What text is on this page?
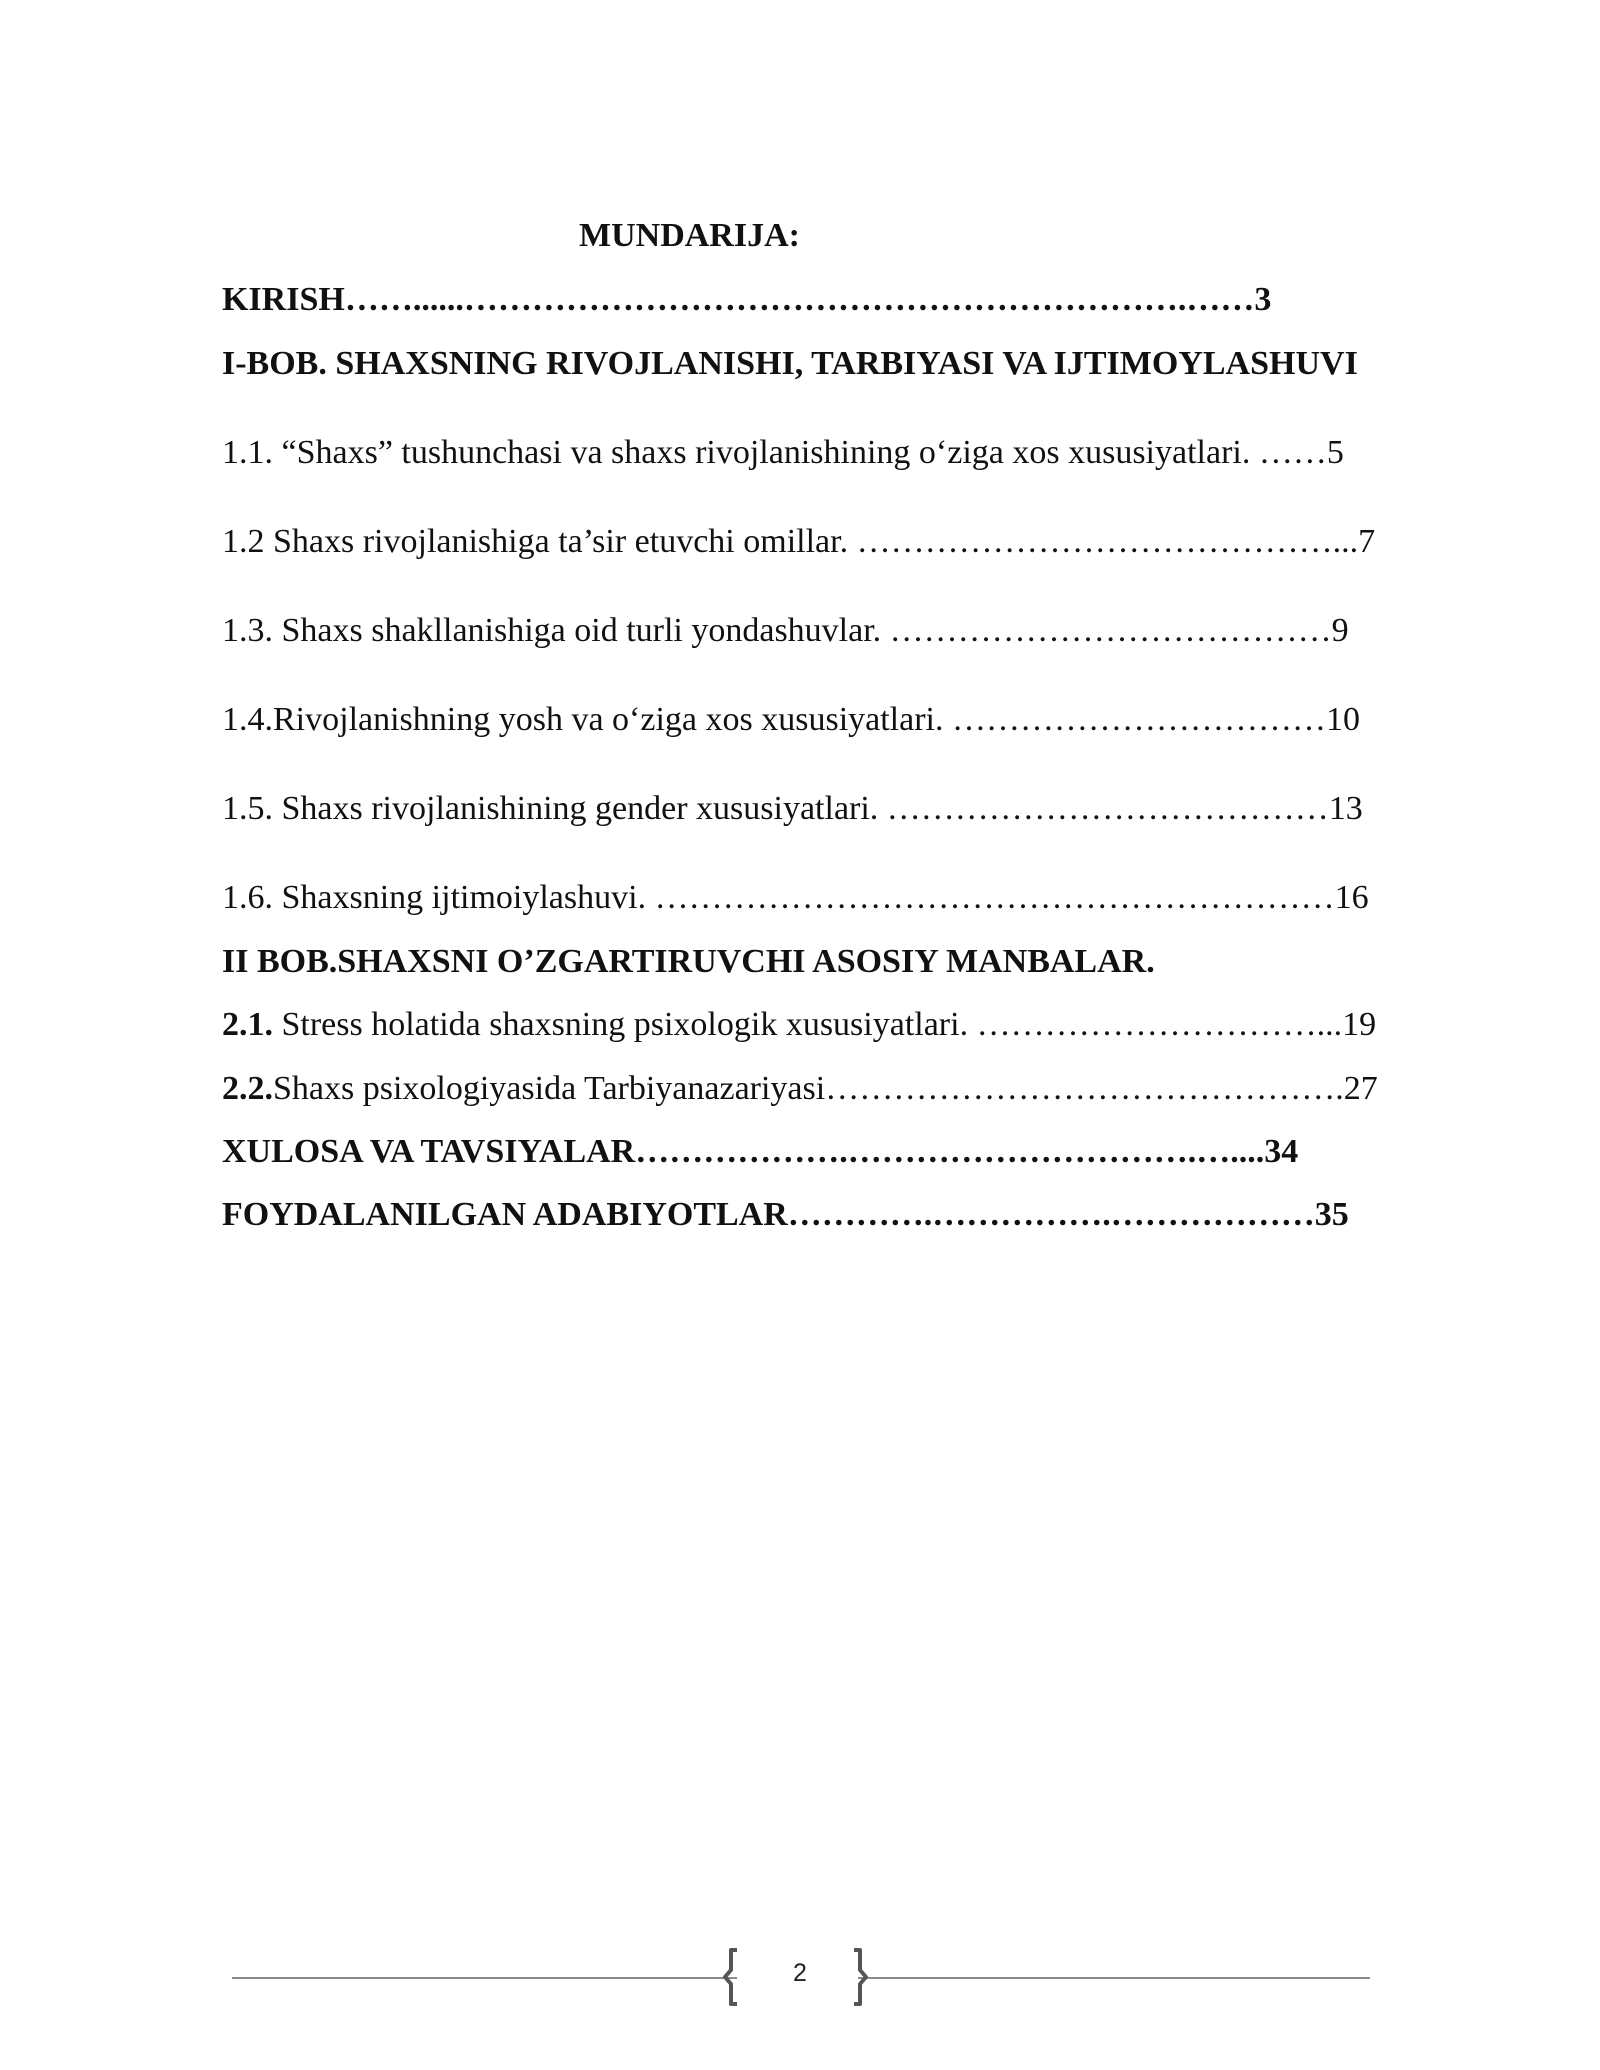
MUNDARIJA:
KIRISH……......……………………………………………………….……3
I-BOB. SHAXSNING RIVOJLANISHI, TARBIYASI VA IJTIMOYLASHUVI
1.1. “Shaxs” tushunchasi va shaxs rivojlanishining o‘ziga xos xususiyatlari. ……5
1.2 Shaxs rivojlanishiga ta’sir etuvchi omillar. ……………………………………...7
1.3. Shaxs shakllanishiga oid turli yondashuvlar. …………………………………9
1.4.Rivojlanishning yosh va o‘ziga xos xususiyatlari. ……………………………10
1.5. Shaxs rivojlanishining gender xususiyatlari. …………………………………13
1.6. Shaxsning ijtimoiylashuvi. ……………………………………………………16
II BOB.SHAXSNI O’ZGARTIRUVCHI ASOSIY MANBALAR.
2.1. Stress holatida shaxsning psixologik xususiyatlari. …………………………...19
2.2.Shaxs psixologiyasida Tarbiyanazariyasi……………………………………….27
XULOSA VA TAVSIYALAR……………….………………………….…....34
FOYDALANILGAN ADABIYOTLAR………….…………….………………35
2
